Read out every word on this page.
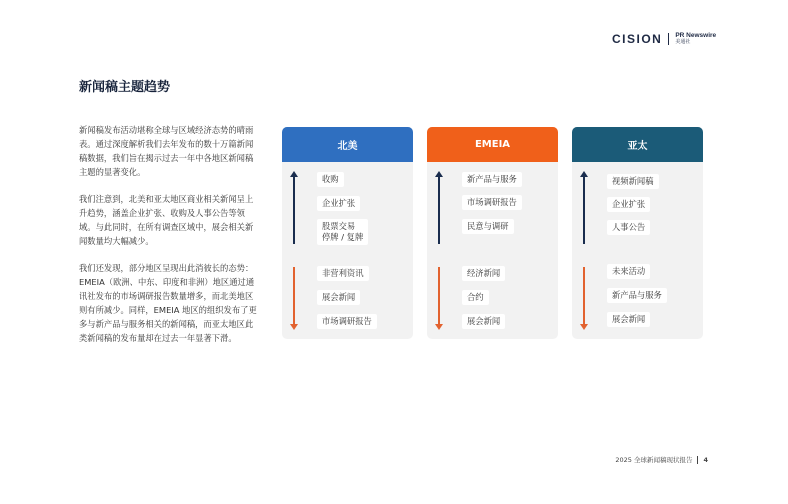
CISION PR Newswire
美通社
新闻稿主题趋势

新闻稿发布活动堪称全球与区域经济态势的晴雨表。通过深度解析我们去年发布的数十万篇新闻稿数据，我们旨在揭示过去一年中各地区新闻稿主题的显著变化。

我们注意到，北美和亚太地区商业相关新闻呈上升趋势，涵盖企业扩张、收购及人事公告等领域。与此同时，在所有调查区域中，展会相关新闻数量均大幅减少。

我们还发现，部分地区呈现出此消彼长的态势：EMEIA（欧洲、中东、印度和非洲）地区通过通讯社发布的市场调研报告数量增多，而北美地区则有所减少。同样，EMEIA 地区的组织发布了更多与新产品与服务相关的新闻稿，而亚太地区此类新闻稿的发布量却在过去一年显著下滑。

北美
收购
企业扩张
股票交易
停牌 / 复牌
非营利资讯
展会新闻
市场调研报告
EMEIA
新产品与服务
市场调研报告
民意与调研
经济新闻
合约
展会新闻
亚太
视频新闻稿
企业扩张
人事公告
未来活动
新产品与服务
展会新闻
2025 全球新闻稿现状报告 4
